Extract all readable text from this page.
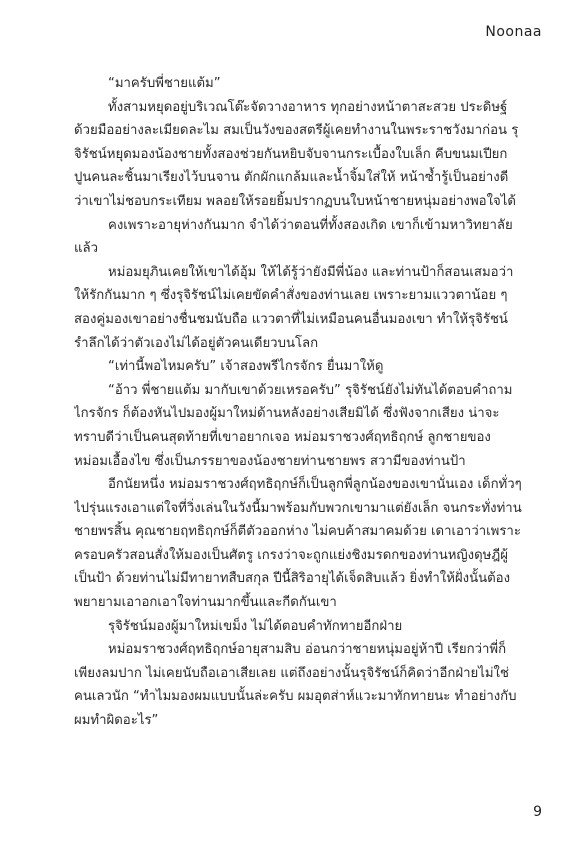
Noonaa

“มาครับพี่ชายแต้ม”

ทั้งสามหยุดอยู่บริเวณโต๊ะจัดวางอาหาร ทุกอย่างหน้าตาสะสวย ประดิษฐ์ด้วยมืออย่างละเมียดละไม สมเป็นวังของสตรีผู้เคยทำงานในพระราชวังมาก่อน รุจิรัชน์หยุดมองน้องชายทั้งสองช่วยกันหยิบจับจานกระเบื้องใบเล็ก คีบขนมเปียกปูนคนละชิ้นมาเรียงไว้บนจาน ตักผักแกล้มและน้ำจิ้มใส่ให้ หน้าซ้ำรู้เป็นอย่างดีว่าเขาไม่ชอบกระเทียม พลอยให้รอยยิ้มปรากฏบนใบหน้าชายหนุ่มอย่างพอใจได้

คงเพราะอายุห่างกันมาก จำได้ว่าตอนที่ทั้งสองเกิด เขาก็เข้ามหาวิทยาลัยแล้ว

หม่อมยุภินเคยให้เขาได้อุ้ม ให้ได้รู้ว่ายังมีพี่น้อง และท่านป้าก็สอนเสมอว่าให้รักกันมาก ๆ ซึ่งรุจิรัชน์ไม่เคยขัดคำสั่งของท่านเลย เพราะยามแววตาน้อย ๆ สองคู่มองเขาอย่างชื่นชมนับถือ แววตาที่ไม่เหมือนคนอื่นมองเขา ทำให้รุจิรัชน์รำลึกได้ว่าตัวเองไม่ได้อยู่ตัวคนเดียวบนโลก

“เท่านี้พอไหมครับ” เจ้าสองพรีไกรจักร ยื่นมาให้ดู

“อ้าว พี่ชายแต้ม มากับเขาด้วยเหรอครับ” รุจิรัชน์ยังไม่ทันได้ตอบคำถามไกรจักร ก็ต้องหันไปมองผู้มาใหม่ด้านหลังอย่างเสียมิได้ ซึ่งฟังจากเสียง น่าจะทราบดีว่าเป็นคนสุดท้ายที่เขาอยากเจอ หม่อมราชวงศ์ฤทธิฤกษ์ ลูกชายของหม่อมเอื้องไข ซึ่งเป็นภรรยาของน้องชายท่านชายพร สวามีของท่านป้า

อีกนัยหนึ่ง หม่อมราชวงศ์ฤทธิฤกษ์ก็เป็นลูกพี่ลูกน้องของเขานั่นเอง เด็กทั่วๆ ไปรุ่นแรงเอาแต่ใจที่วิ่งเล่นในวังนี้มาพร้อมกับพวกเขามาแต่ยังเล็ก จนกระทั่งท่านชายพรสิ้น คุณชายฤทธิฤกษ์ก็ตีตัวออกห่าง ไม่คบค้าสมาคมด้วย เดาเอาว่าเพราะครอบครัวสอนสั่งให้มองเป็นศัตรู เกรงว่าจะถูกแย่งชิงมรดกของท่านหญิงดุษฎีผู้เป็นป้า ด้วยท่านไม่มีทายาทสืบสกุล ปีนี้สิริอายุได้เจ็ดสิบแล้ว ยิ่งทำให้ฝั่งนั้นต้องพยายามเอาอกเอาใจท่านมากขึ้นและกีดกันเขา

รุจิรัชน์มองผู้มาใหม่เขม็ง ไม่ได้ตอบคำทักทายอีกฝ่าย

หม่อมราชวงศ์ฤทธิฤกษ์อายุสามสิบ อ่อนกว่าชายหนุ่มอยู่ห้าปี เรียกว่าพี่ก็เพียงลมปาก ไม่เคยนับถือเอาเสียเลย แต่ถึงอย่างนั้นรุจิรัชน์ก็คิดว่าอีกฝ่ายไม่ใช่คนเลวนัก “ทำไมมองผมแบบนั้นล่ะครับ ผมอุตส่าห์แวะมาทักทายนะ ทำอย่างกับผมทำผิดอะไร”

9
